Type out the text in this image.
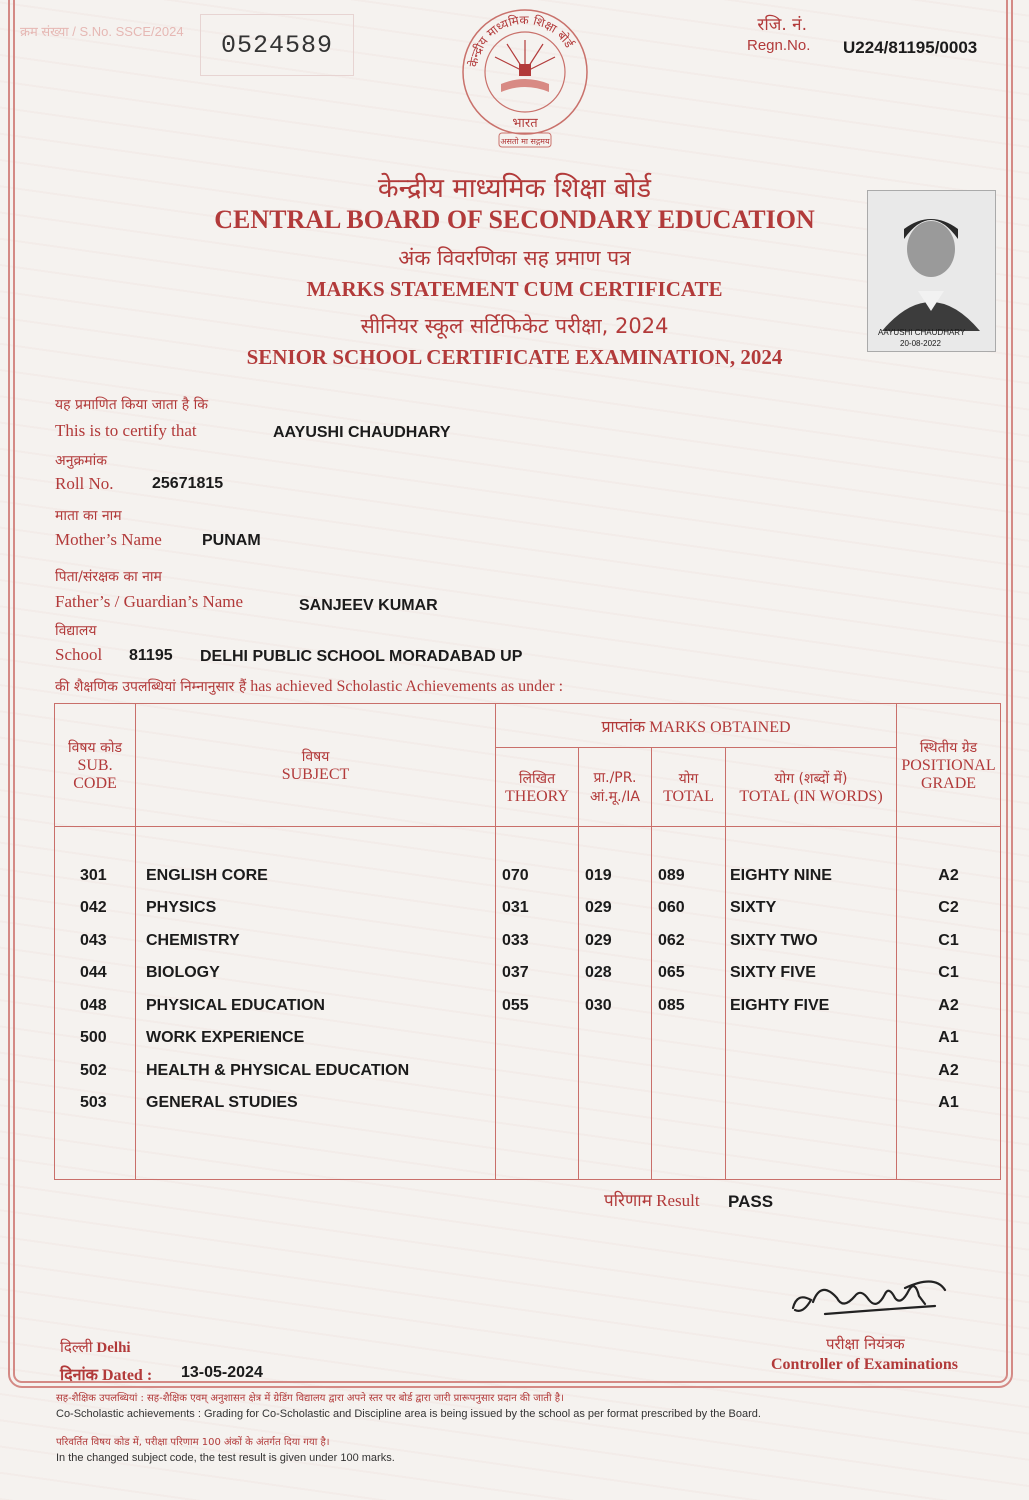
क्रम संख्या / S.No. SSCE/2024	0524589
केन्द्रीय माध्यमिक शिक्षा बोर्ड
भारत
असतो मा सद्गमय
रजि. नं.
Regn.No. U224/81195/0003
केन्द्रीय माध्यमिक शिक्षा बोर्ड
CENTRAL BOARD OF SECONDARY EDUCATION
अंक विवरणिका सह प्रमाण पत्र
MARKS STATEMENT CUM CERTIFICATE
सीनियर स्कूल सर्टिफिकेट परीक्षा, 2024
SENIOR SCHOOL CERTIFICATE EXAMINATION, 2024
AAYUSHI CHAUDHARY
20-08-2022
यह प्रमाणित किया जाता है कि
This is to certify that	AAYUSHI CHAUDHARY
अनुक्रमांक
Roll No. 25671815
माता का नाम
Mother’s Name	PUNAM
पिता/संरक्षक का नाम
Father’s / Guardian’s Name	SANJEEV KUMAR
विद्यालय
School 81195 DELHI PUBLIC SCHOOL MORADABAD UP
की शैक्षणिक उपलब्धियां निम्नानुसार हैं has achieved Scholastic Achievements as under :
विषय कोड
SUB. CODE	विषय
SUBJECT	प्राप्तांक MARKS OBTAINED				स्थितीय ग्रेड
POSITIONAL GRADE

		लिखित
THEORY	प्रा./PR.
आं.मू./IA	योग
TOTAL	योग (शब्दों में)
TOTAL (IN WORDS)	

301	ENGLISH CORE	070	019	089	EIGHTY NINE	A2
042	PHYSICS	031	029	060	SIXTY	C2
043	CHEMISTRY	033	029	062	SIXTY TWO	C1
044	BIOLOGY	037	028	065	SIXTY FIVE	C1
048	PHYSICAL EDUCATION	055	030	085	EIGHTY FIVE	A2
500	WORK EXPERIENCE					A1
502	HEALTH & PHYSICAL EDUCATION					A2
503	GENERAL STUDIES					A1

परिणाम Result PASS
दिल्ली Delhi
दिनांक Dated : 13-05-2024
परीक्षा नियंत्रक
Controller of Examinations
सह-शैक्षिक उपलब्धियां : सह-शैक्षिक एवम् अनुशासन क्षेत्र में ग्रेडिंग विद्यालय द्वारा अपने स्तर पर बोर्ड द्वारा जारी प्रारूपनुसार प्रदान की जाती है।
Co-Scholastic achievements : Grading for Co-Scholastic and Discipline area is being issued by the school as per format prescribed by the Board.
परिवर्तित विषय कोड में, परीक्षा परिणाम 100 अंकों के अंतर्गत दिया गया है।
In the changed subject code, the test result is given under 100 marks.
